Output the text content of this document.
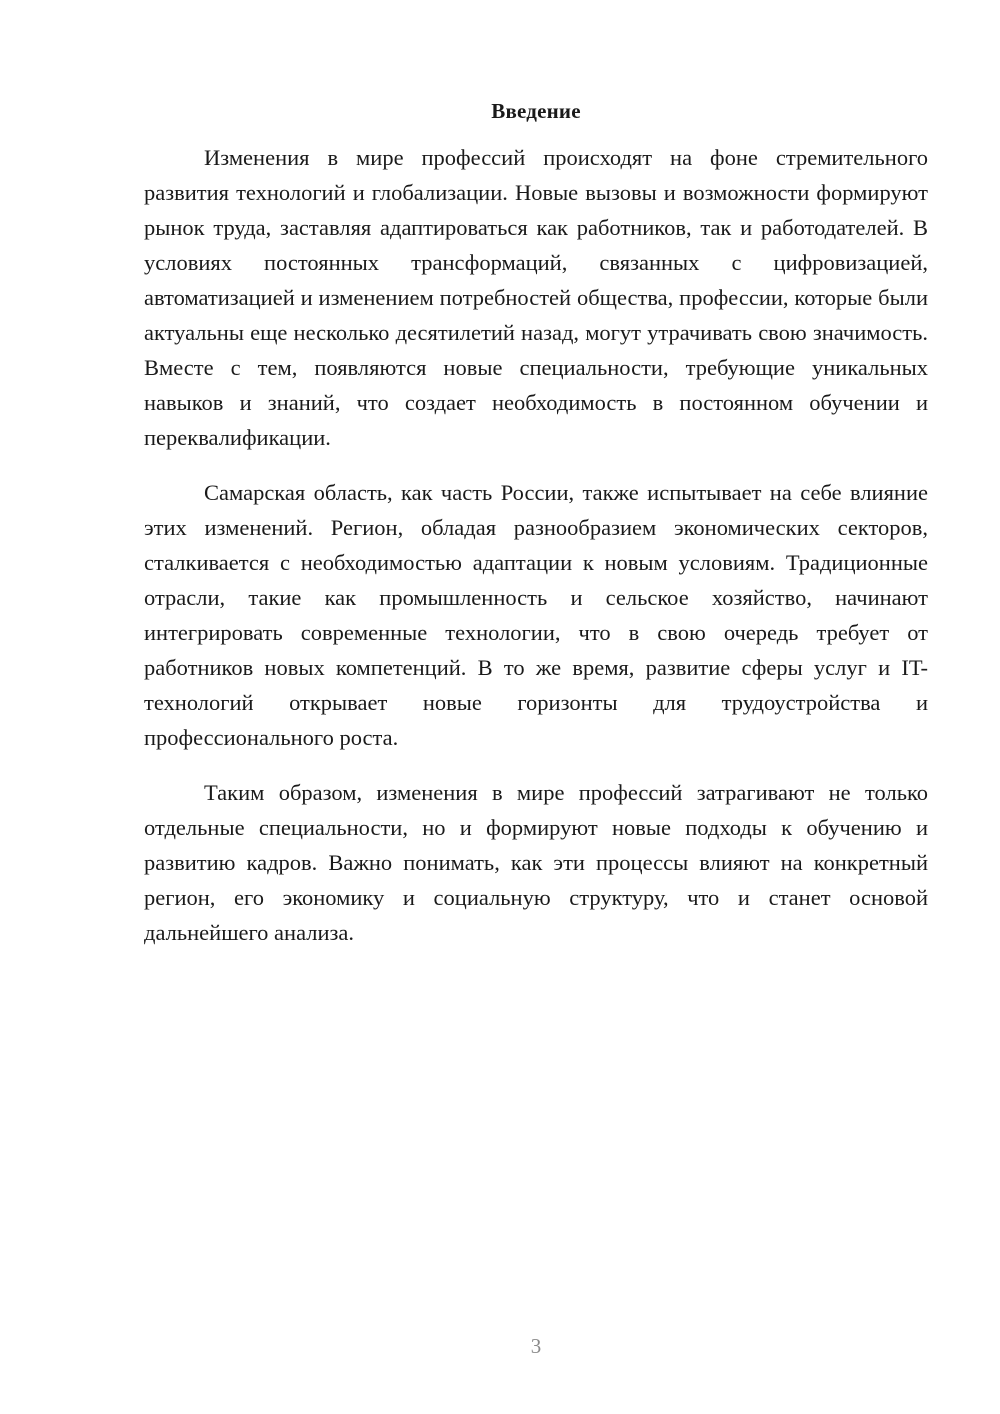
Введение

Изменения в мире профессий происходят на фоне стремительного развития технологий и глобализации. Новые вызовы и возможности формируют рынок труда, заставляя адаптироваться как работников, так и работодателей. В условиях постоянных трансформаций, связанных с цифровизацией, автоматизацией и изменением потребностей общества, профессии, которые были актуальны еще несколько десятилетий назад, могут утрачивать свою значимость. Вместе с тем, появляются новые специальности, требующие уникальных навыков и знаний, что создает необходимость в постоянном обучении и переквалификации.

Самарская область, как часть России, также испытывает на себе влияние этих изменений. Регион, обладая разнообразием экономических секторов, сталкивается с необходимостью адаптации к новым условиям. Традиционные отрасли, такие как промышленность и сельское хозяйство, начинают интегрировать современные технологии, что в свою очередь требует от работников новых компетенций. В то же время, развитие сферы услуг и IT-технологий открывает новые горизонты для трудоустройства и профессионального роста.

Таким образом, изменения в мире профессий затрагивают не только отдельные специальности, но и формируют новые подходы к обучению и развитию кадров. Важно понимать, как эти процессы влияют на конкретный регион, его экономику и социальную структуру, что и станет основой дальнейшего анализа.

3
